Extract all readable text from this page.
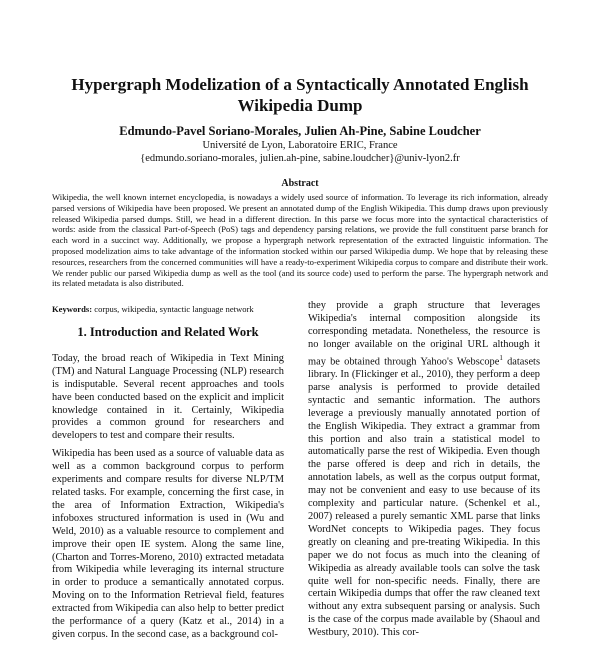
Hypergraph Modelization of a Syntactically Annotated English Wikipedia Dump
Edmundo-Pavel Soriano-Morales, Julien Ah-Pine, Sabine Loudcher
Université de Lyon, Laboratoire ERIC, France
{edmundo.soriano-morales, julien.ah-pine, sabine.loudcher}@univ-lyon2.fr
Abstract
Wikipedia, the well known internet encyclopedia, is nowadays a widely used source of information. To leverage its rich information, already parsed versions of Wikipedia have been proposed. We present an annotated dump of the English Wikipedia. This dump draws upon previously released Wikipedia parsed dumps. Still, we head in a different direction. In this parse we focus more into the syntactical characteristics of words: aside from the classical Part-of-Speech (PoS) tags and dependency parsing relations, we provide the full constituent parse branch for each word in a succinct way. Additionally, we propose a hypergraph network representation of the extracted linguistic information. The proposed modelization aims to take advantage of the information stocked within our parsed Wikipedia dump. We hope that by releasing these resources, researchers from the concerned communities will have a ready-to-experiment Wikipedia corpus to compare and distribute their work. We render public our parsed Wikipedia dump as well as the tool (and its source code) used to perform the parse. The hypergraph network and its related metadata is also distributed.
Keywords: corpus, wikipedia, syntactic language network
1. Introduction and Related Work

Today, the broad reach of Wikipedia in Text Mining (TM) and Natural Language Processing (NLP) research is indisputable. Several recent approaches and tools have been conducted based on the explicit and implicit knowledge contained in it. Certainly, Wikipedia provides a common ground for researchers and developers to test and compare their results.

Wikipedia has been used as a source of valuable data as well as a common background corpus to perform experiments and compare results for diverse NLP/TM related tasks. For example, concerning the first case, in the area of Information Extraction, Wikipedia's infoboxes structured information is used in (Wu and Weld, 2010) as a valuable resource to complement and improve their open IE system. Along the same line, (Charton and Torres-Moreno, 2010) extracted metadata from Wikipedia while leveraging its internal structure in order to produce a semantically annotated corpus. Moving on to the Information Retrieval field, features extracted from Wikipedia can also help to better predict the performance of a query (Katz et al., 2014) in a given corpus. In the second case, as a background col-

they provide a graph structure that leverages Wikipedia's internal composition alongside its corresponding metadata. Nonetheless, the resource is no longer available on the original URL although it may be obtained through Yahoo's Webscope$^1$ datasets library. In (Flickinger et al., 2010), they perform a deep parse analysis is performed to provide detailed syntactic and semantic information. The authors leverage a previously manually annotated portion of the English Wikipedia. They extract a grammar from this portion and also train a statistical model to automatically parse the rest of Wikipedia. Even though the parse offered is deep and rich in details, the annotation labels, as well as the corpus output format, may not be convenient and easy to use because of its complexity and particular nature. (Schenkel et al., 2007) released a purely semantic XML parse that links WordNet concepts to Wikipedia pages. They focus greatly on cleaning and pre-treating Wikipedia. In this paper we do not focus as much into the cleaning of Wikipedia as already available tools can solve the task quite well for non-specific needs. Finally, there are certain Wikipedia dumps that offer the raw cleaned text without any extra subsequent parsing or analysis. Such is the case of the corpus made available by (Shaoul and Westbury, 2010). This cor-
